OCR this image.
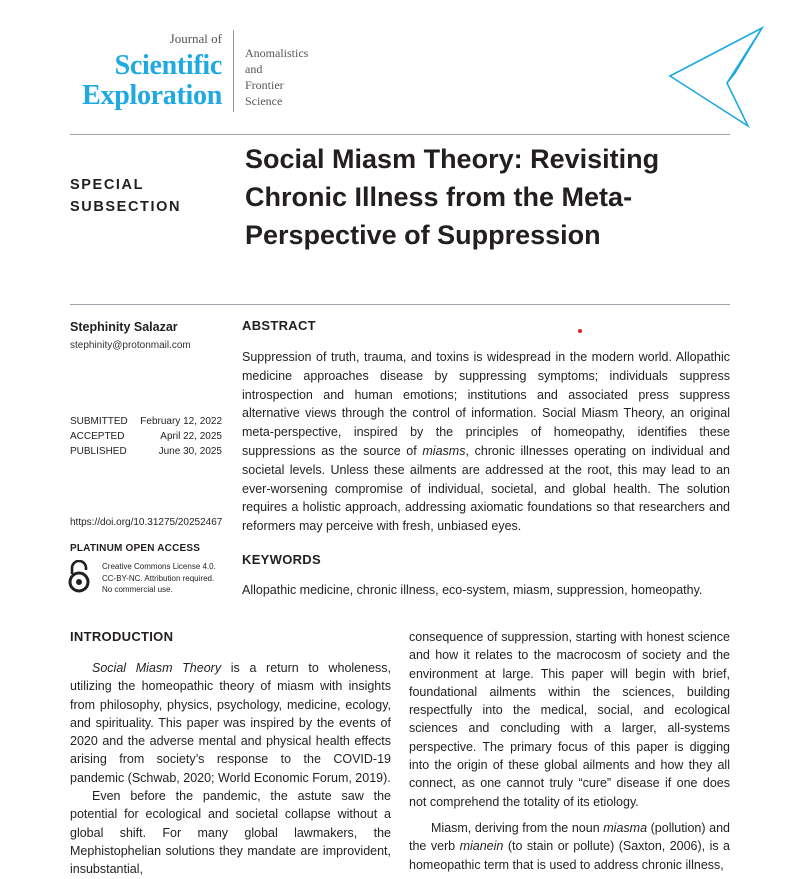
Journal of
Scientific
Exploration
Anomalistics
and
Frontier
Science
SPECIAL
SUBSECTION
Social Miasm Theory: Revisiting Chronic Illness from the Meta-Perspective of Suppression
Stephinity Salazar
stephinity@protonmail.com
SUBMITTED February 12, 2022
ACCEPTED	April 22, 2025
PUBLISHED	June 30, 2025
https://doi.org/10.31275/20252467
PLATINUM OPEN ACCESS
Creative Commons License 4.0.
CC-BY-NC. Attribution required.
No commercial use.
ABSTRACT
Suppression of truth, trauma, and toxins is widespread in the modern world. Allopathic medicine approaches disease by suppressing symptoms; individuals suppress introspection and human emotions; institutions and associated press suppress alternative views through the control of information. Social Miasm Theory, an original meta-perspective, inspired by the principles of homeopathy, identifies these suppressions as the source of miasms, chronic illnesses operating on individual and societal levels. Unless these ailments are addressed at the root, this may lead to an ever-worsening compromise of individual, societal, and global health. The solution requires a holistic approach, addressing axiomatic foundations so that researchers and reformers may perceive with fresh, unbiased eyes.
KEYWORDS
Allopathic medicine, chronic illness, eco-system, miasm, suppression, homeopathy.
INTRODUCTION

Social Miasm Theory is a return to wholeness, utilizing the homeopathic theory of miasm with insights from philosophy, physics, psychology, medicine, ecology, and spirituality. This paper was inspired by the events of 2020 and the adverse mental and physical health effects arising from society’s response to the COVID-19 pandemic (Schwab, 2020; World Economic Forum, 2019).

Even before the pandemic, the astute saw the potential for ecological and societal collapse without a global shift. For many global lawmakers, the Mephistophelian solutions they mandate are improvident, insubstantial,

consequence of suppression, starting with honest science and how it relates to the macrocosm of society and the environment at large. This paper will begin with brief, foundational ailments within the sciences, building respectfully into the medical, social, and ecological sciences and concluding with a larger, all-systems perspective. The primary focus of this paper is digging into the origin of these global ailments and how they all connect, as one cannot truly “cure” disease if one does not comprehend the totality of its etiology.

Miasm, deriving from the noun miasma (pollution) and the verb mianein (to stain or pollute) (Saxton, 2006), is a homeopathic term that is used to address chronic illness,
